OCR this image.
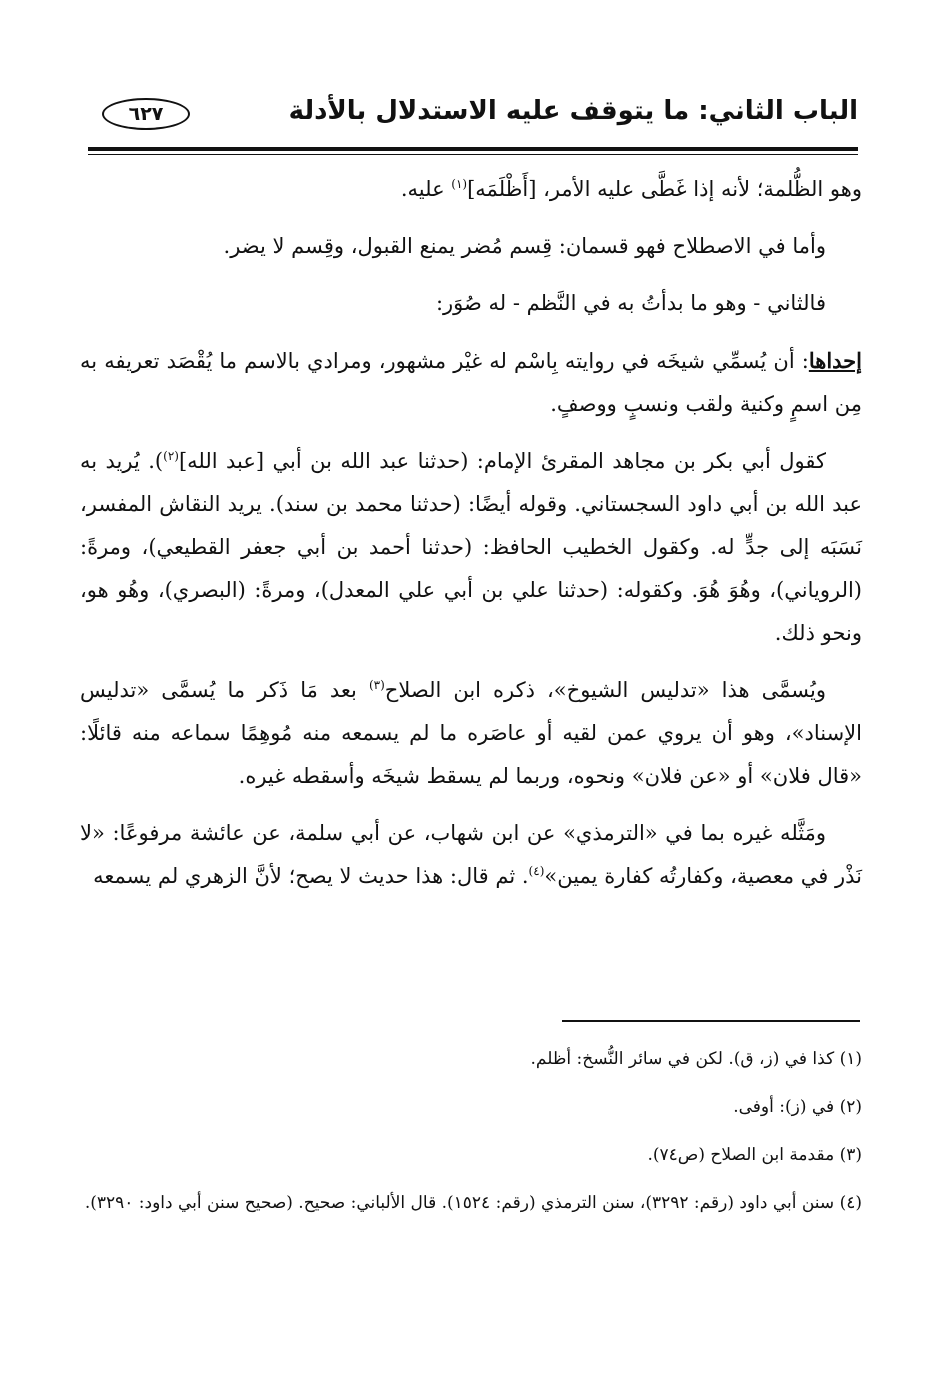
الباب الثاني: ما يتوقف عليه الاستدلال بالأدلة
٦٢٧

وهو الظُّلمة؛ لأنه إذا غَطَّى عليه الأمر، [أَظْلَمَه]$^{(١)}$ عليه.

وأما في الاصطلاح فهو قسمان: قِسم مُضر يمنع القبول، وقِسم لا يضر.

فالثاني - وهو ما بدأتُ به في النَّظم - له صُوَر:

إحداها: أن يُسمِّي شيخَه في روايته بِاسْم له غيْر مشهور، ومرادي بالاسم ما يُقْصَد تعريفه به مِن اسمٍ وكنية ولقب ونسبٍ ووصفٍ.

كقول أبي بكر بن مجاهد المقرئ الإمام: (حدثنا عبد الله بن أبي [عبد الله]$^{(٢)}$). يُريد به عبد الله بن أبي داود السجستاني. وقوله أيضًا: (حدثنا محمد بن سند). يريد النقاش المفسر، نَسَبَه إلى جدٍّ له. وكقول الخطيب الحافظ: (حدثنا أحمد بن أبي جعفر القطيعي)، ومرةً: (الروياني)، وهُوَ هُوَ. وكقوله: (حدثنا علي بن أبي علي المعدل)، ومرةً: (البصري)، وهُو هو، ونحو ذلك.

ويُسمَّى هذا «تدليس الشيوخ»، ذكره ابن الصلاح$^{(٣)}$ بعد مَا ذَكر ما يُسمَّى «تدليس الإسناد»، وهو أن يروي عمن لقيه أو عاصَره ما لم يسمعه منه مُوهِمًا سماعه منه قائلًا: «قال فلان» أو «عن فلان» ونحوه، وربما لم يسقط شيخَه وأسقطه غيره.

ومَثَّله غيره بما في «الترمذي» عن ابن شهاب، عن أبي سلمة، عن عائشة مرفوعًا: «لا نَذْر في معصية، وكفارتُه كفارة يمين»$^{(٤)}$. ثم قال: هذا حديث لا يصح؛ لأنَّ الزهري لم يسمعه

(١) كذا في (ز، ق). لكن في سائر النُّسخ: أظلم.

(٢) في (ز): أوفى.

(٣) مقدمة ابن الصلاح (ص٧٤).

(٤) سنن أبي داود (رقم: ٣٢٩٢)، سنن الترمذي (رقم: ١٥٢٤). قال الألباني: صحيح. (صحيح سنن أبي داود: ٣٢٩٠).
